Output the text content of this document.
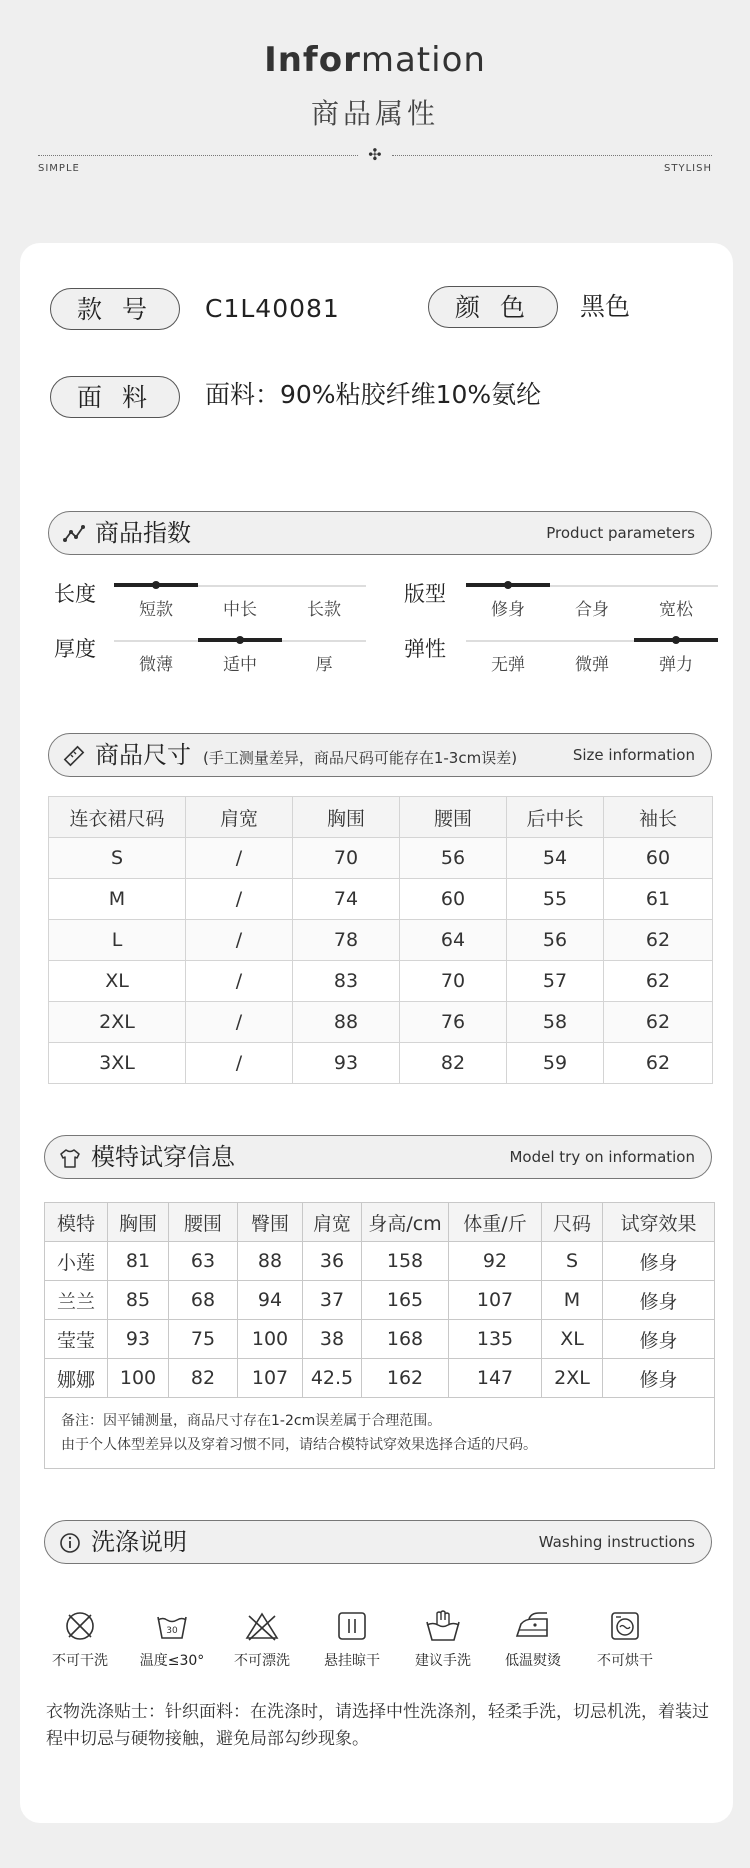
Information
商品属性
✣
SIMPLE	STYLISH
款 号	C1L40081	颜 色	黑色
面 料	面料：90%粘胶纤维10%氨纶
商品指数	Product parameters
长度
短款	中长	长款
版型
修身	合身	宽松
厚度
微薄	适中	厚
弹性
无弹	微弹	弹力
商品尺寸 (手工测量差异，商品尺码可能存在1-3cm误差)	Size information
连衣裙尺码	肩宽	胸围	腰围	后中长	袖长
S	/	70	56	54	60
M	/	74	60	55	61
L	/	78	64	56	62
XL	/	83	70	57	62
2XL	/	88	76	58	62
3XL	/	93	82	59	62
模特试穿信息	Model try on information
模特	胸围	腰围	臀围	肩宽	身高/cm	体重/斤	尺码	试穿效果
小莲	81	63	88	36	158	92	S	修身
兰兰	85	68	94	37	165	107	M	修身
莹莹	93	75	100	38	168	135	XL	修身
娜娜	100	82	107	42.5	162	147	2XL	修身

备注：因平铺测量，商品尺寸存在1-2cm误差属于合理范围。
由于个人体型差异以及穿着习惯不同，请结合模特试穿效果选择合适的尺码。								
洗涤说明	Washing instructions
不可干洗
30
温度≤30°	不可漂洗	悬挂晾干	建议手洗	低温熨烫	不可烘干
衣物洗涤贴士：针织面料：在洗涤时，请选择中性洗涤剂，轻柔手洗，切忌机洗，着装过程中切忌与硬物接触，避免局部勾纱现象。
